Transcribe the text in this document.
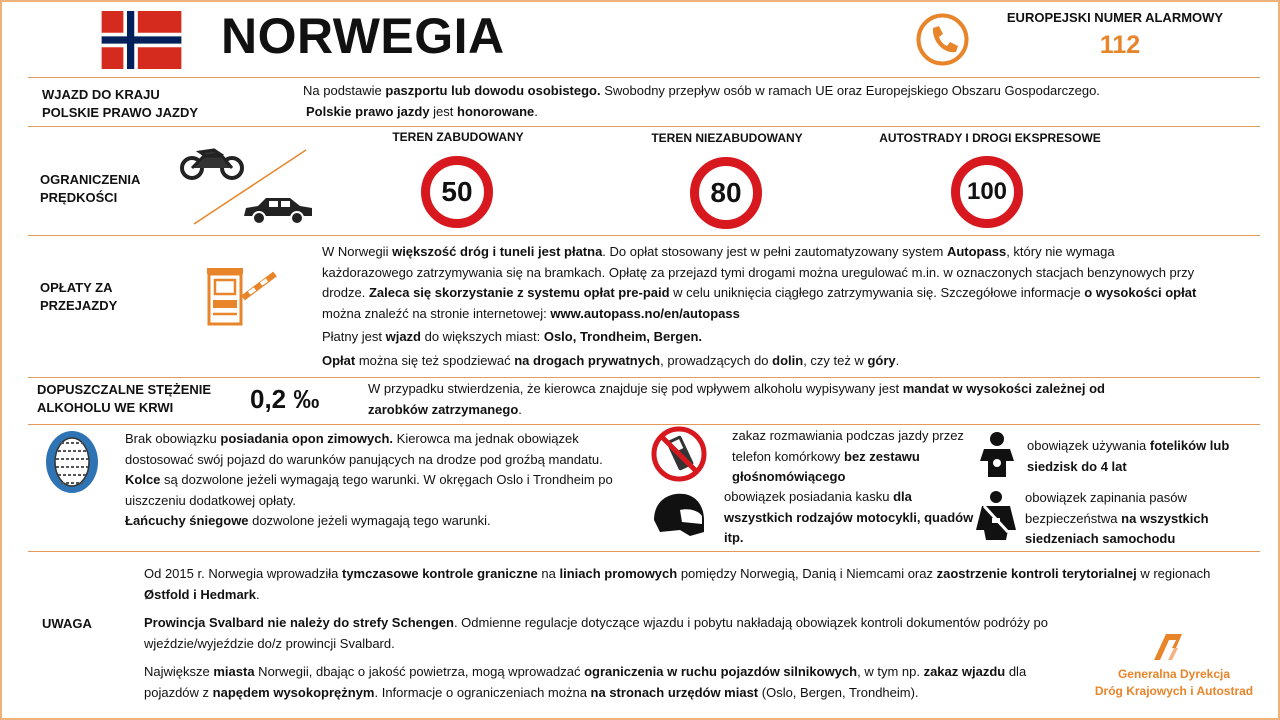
NORWEGIA	EUROPEJSKI NUMER ALARMOWY
112
WJAZD DO KRAJU
POLSKIE PRAWO JAZDY
Na podstawie paszportu lub dowodu osobistego. Swobodny przepływ osób w ramach UE oraz Europejskiego Obszaru Gospodarczego.
Polskie prawo jazdy jest honorowane.
OGRANICZENIA
PRĘDKOŚCI
TEREN ZABUDOWANY	TEREN NIEZABUDOWANY	AUTOSTRADY I DROGI EKSPRESOWE
50	80	100
OPŁATY ZA
PRZEJAZDY
W Norwegii większość dróg i tuneli jest płatna. Do opłat stosowany jest w pełni zautomatyzowany system Autopass, który nie wymaga każdorazowego zatrzymywania się na bramkach. Opłatę za przejazd tymi drogami można uregulować m.in. w oznaczonych stacjach benzynowych przy drodze. Zaleca się skorzystanie z systemu opłat pre-paid w celu uniknięcia ciągłego zatrzymywania się. Szczegółowe informacje o wysokości opłat można znaleźć na stronie internetowej: www.autopass.no/en/autopass
Płatny jest wjazd do większych miast: Oslo, Trondheim, Bergen.
Opłat można się też spodziewać na drogach prywatnych, prowadzących do dolin, czy też w góry.
DOPUSZCZALNE STĘŻENIE
ALKOHOLU WE KRWI	0,2 ‰	W przypadku stwierdzenia, że kierowca znajduje się pod wpływem alkoholu wypisywany jest mandat w wysokości zależnej od zarobków zatrzymanego.
Brak obowiązku posiadania opon zimowych. Kierowca ma jednak obowiązek dostosować swój pojazd do warunków panujących na drodze pod groźbą mandatu.
Kolce są dozwolone jeżeli wymagają tego warunki. W okręgach Oslo i Trondheim po uiszczeniu dodatkowej opłaty.
Łańcuchy śniegowe dozwolone jeżeli wymagają tego warunki.
zakaz rozmawiania podczas jazdy przez telefon komórkowy bez zestawu głośnomówiącego
obowiązek posiadania kasku dla wszystkich rodzajów motocykli, quadów itp.
obowiązek używania fotelików lub siedzisk do 4 lat
obowiązek zapinania pasów bezpieczeństwa na wszystkich siedzeniach samochodu
UWAGA
Od 2015 r. Norwegia wprowadziła tymczasowe kontrole graniczne na liniach promowych pomiędzy Norwegią, Danią i Niemcami oraz zaostrzenie kontroli terytorialnej w regionach Østfold i Hedmark.
Prowincja Svalbard nie należy do strefy Schengen. Odmienne regulacje dotyczące wjazdu i pobytu nakładają obowiązek kontroli dokumentów podróży po wjeździe/wyjeździe do/z prowincji Svalbard.
Największe miasta Norwegii, dbając o jakość powietrza, mogą wprowadzać ograniczenia w ruchu pojazdów silnikowych, w tym np. zakaz wjazdu dla pojazdów z napędem wysokoprężnym. Informacje o ograniczeniach można na stronach urzędów miast (Oslo, Bergen, Trondheim).
Generalna Dyrekcja
Dróg Krajowych i Autostrad
